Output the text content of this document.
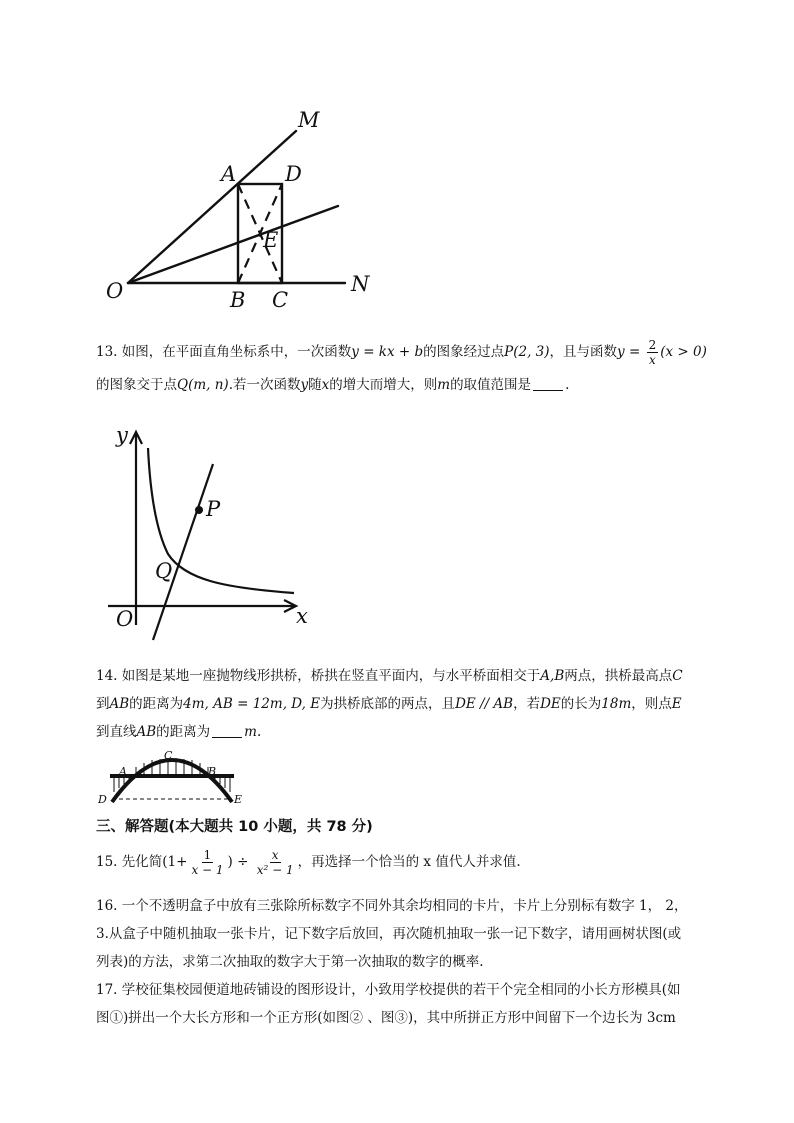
M
A D
E
O	B C
N
13. 如图，在平面直角坐标系中，一次函数y = kx + b的图象经过点P(2, 3)，且与函数$y = \frac{2}{x} (x > 0)$
的图象交于点Q(m, n).若一次函数y随x的增大而增大，则m的取值范围是	.
y
x
O
P
Q
14. 如图是某地一座抛物线形拱桥，桥拱在竖直平面内，与水平桥面相交于A,B两点，拱桥最高点C
到AB的距离为4m, AB = 12m, D, E为拱桥底部的两点，且DE // AB，若DE的长为18m，则点E
到直线AB的距离为	m.
A	B
C
D	E
三、解答题(本大题共 10 小题，共 78 分)
15. 先化简($1+ \frac{1}{x - 1}$ ) ÷ $\frac{x}{\text{x² − 1}}$ ，再选择一个恰当的 x 值代人并求值.
16. 一个不透明盒子中放有三张除所标数字不同外其余均相同的卡片，卡片上分别标有数字 1， 2，
3.从盒子中随机抽取一张卡片，记下数字后放回，再次随机抽取一张一记下数字，请用画树状图(或
列表)的方法，求第二次抽取的数字大于第一次抽取的数字的概率.
17. 学校征集校园便道地砖铺设的图形设计，小致用学校提供的若干个完全相同的小长方形模具(如
图①)拼出一个大长方形和一个正方形(如图② 、图③)，其中所拼正方形中间留下一个边长为 3cm
